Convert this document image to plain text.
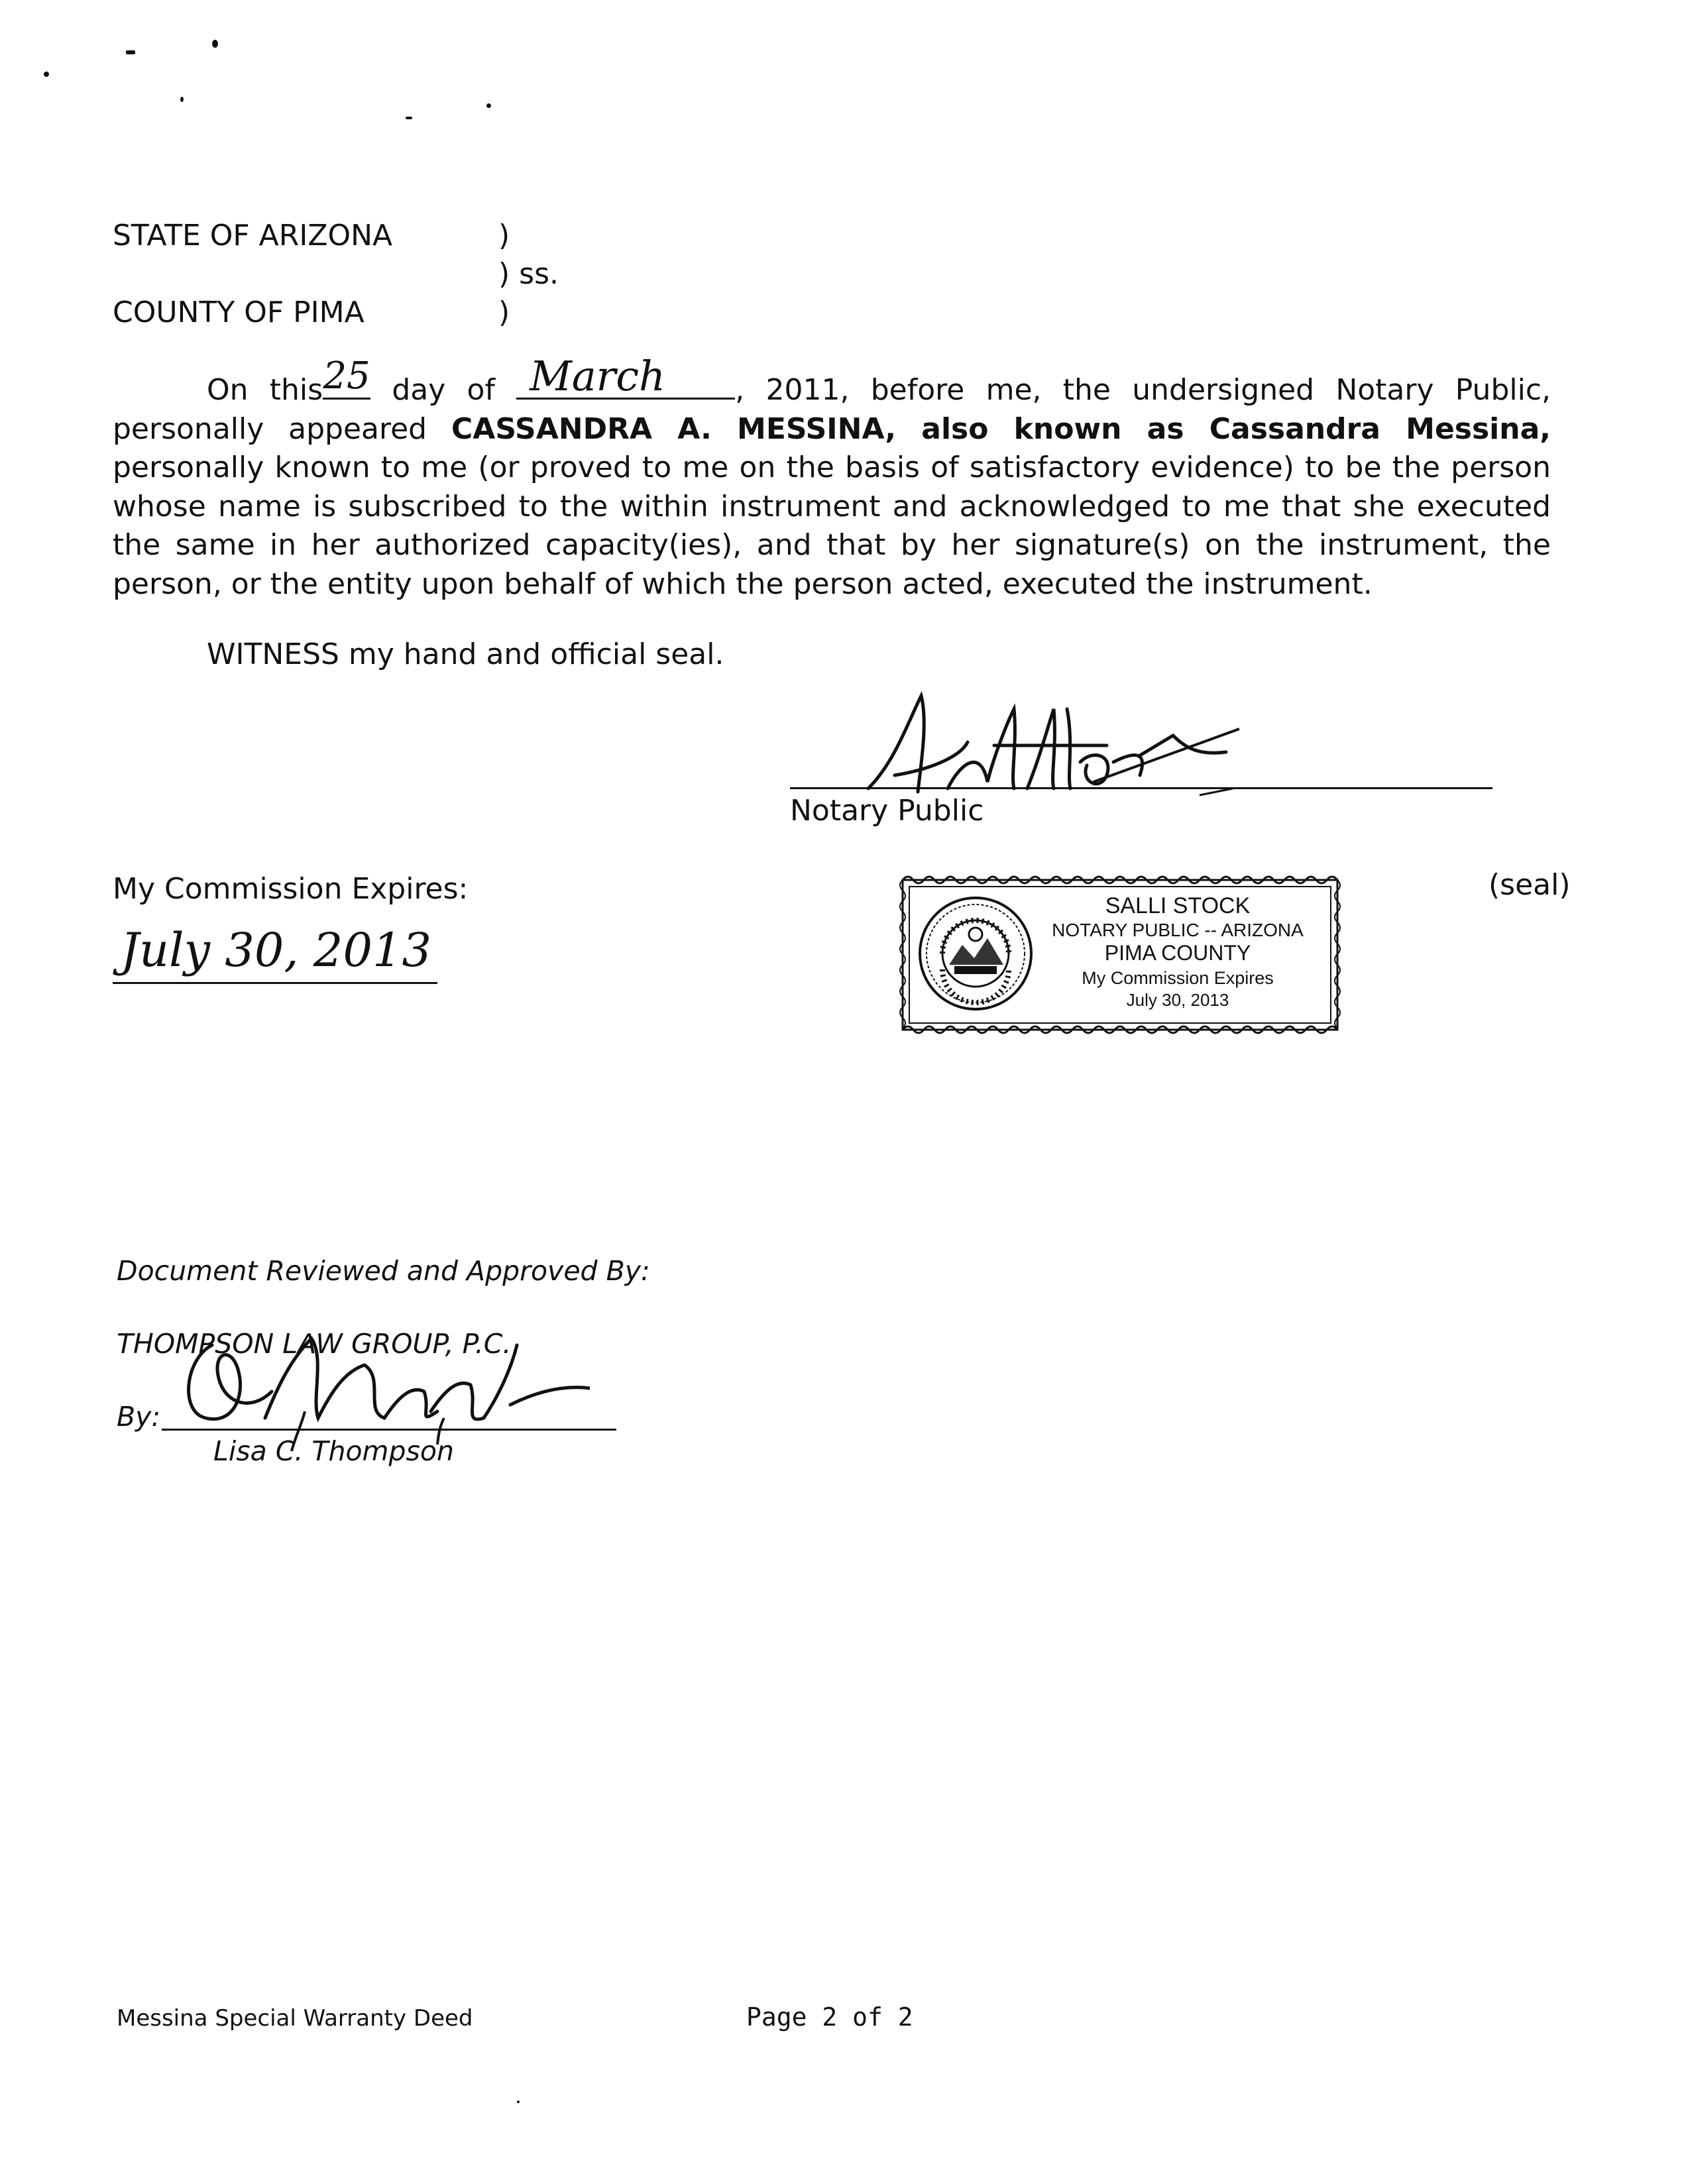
STATE OF ARIZONA	)
) ss.
COUNTY OF PIMA	)
On this 25 day of March	, 2011, before me, the undersigned Notary Public, personally appeared CASSANDRA A. MESSINA, also known as Cassandra Messina, personally known to me (or proved to me on the basis of satisfactory evidence) to be the person whose name is subscribed to the within instrument and acknowledged to me that she executed the same in her authorized capacity(ies), and that by her signature(s) on the instrument, the person, or the entity upon behalf of which the person acted, executed the instrument.
WITNESS my hand and official seal.
Notary Public
My Commission Expires:
July 30, 2013
SALLI STOCK
NOTARY PUBLIC -- ARIZONA
PIMA COUNTY
My Commission Expires
July 30, 2013
(seal)
Document Reviewed and Approved By:
THOMPSON LAW GROUP, P.C.
By:
Lisa C. Thompson
Messina Special Warranty Deed	Page 2 of 2
